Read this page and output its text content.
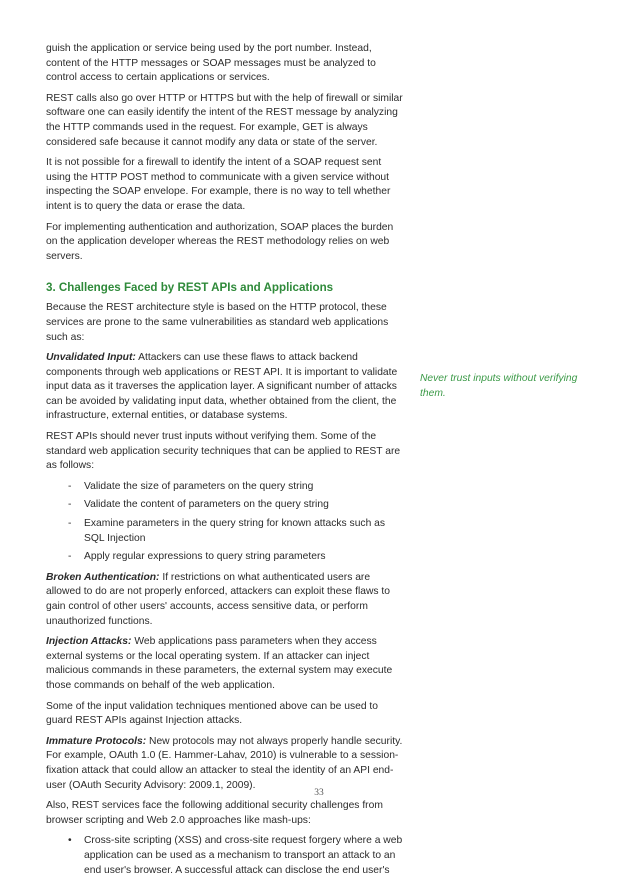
guish the application or service being used by the port number. Instead, content of the HTTP messages or SOAP messages must be analyzed to control access to certain applications or services.

REST calls also go over HTTP or HTTPS but with the help of firewall or similar software one can easily identify the intent of the REST message by analyzing the HTTP commands used in the request. For example, GET is always considered safe because it cannot modify any data or state of the server.

It is not possible for a firewall to identify the intent of a SOAP request sent using the HTTP POST method to communicate with a given service without inspecting the SOAP envelope. For example, there is no way to tell whether intent is to query the data or erase the data.

For implementing authentication and authorization, SOAP places the burden on the application developer whereas the REST methodology relies on web servers.

3. Challenges Faced by REST APIs and Applications

Because the REST architecture style is based on the HTTP protocol, these services are prone to the same vulnerabilities as standard web applications such as:

Unvalidated Input: Attackers can use these flaws to attack backend components through web applications or REST API. It is important to validate input data as it traverses the application layer. A significant number of attacks can be avoided by validating input data, whether obtained from the client, the infrastructure, external entities, or database systems.

REST APIs should never trust inputs without verifying them. Some of the standard web application security techniques that can be applied to REST are as follows:

- Validate the size of parameters on the query string
- Validate the content of parameters on the query string
- Examine parameters in the query string for known attacks such as SQL Injection
- Apply regular expressions to query string parameters

Broken Authentication: If restrictions on what authenticated users are allowed to do are not properly enforced, attackers can exploit these flaws to gain control of other users' accounts, access sensitive data, or perform unauthorized functions.

Injection Attacks: Web applications pass parameters when they access external systems or the local operating system. If an attacker can inject malicious commands in these parameters, the external system may execute those commands on behalf of the web application.

Some of the input validation techniques mentioned above can be used to guard REST APIs against Injection attacks.

Immature Protocols: New protocols may not always properly handle security. For example, OAuth 1.0 (E. Hammer-Lahav, 2010) is vulnerable to a session-fixation attack that could allow an attacker to steal the identity of an API end-user (OAuth Security Advisory: 2009.1, 2009).

Also, REST services face the following additional security challenges from browser scripting and Web 2.0 approaches like mash-ups:

• Cross-site scripting (XSS) and cross-site request forgery where a web application can be used as a mechanism to transport an attack to an end user's browser. A successful attack can disclose the end user's
Never trust inputs without verifying them.
33
